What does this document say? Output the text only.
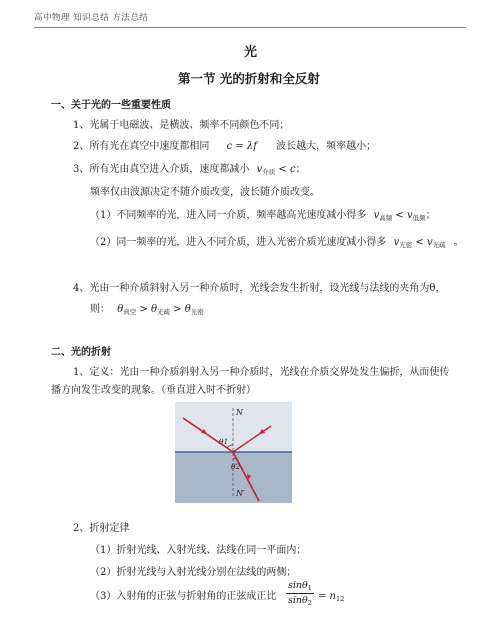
高中物理 知识总结 方法总结
光
第一节 光的折射和全反射
一、关于光的一些重要性质
1、光属于电磁波、是横波、频率不同颜色不同；
2、所有光在真空中速度都相同 c = λf 波长越大，频率越小；
3、所有光由真空进入介质，速度都减小 $v_{介质} < c$；
频率仅由波源决定不随介质改变，波长随介质改变。
（1）不同频率的光，进入同一介质，频率越高光速度减小得多 $v_{高频} < v_{低频}$；
（2）同一频率的光，进入不同介质，进入光密介质光速度减小得多 $v_{光密} < v_{光疏}$ 。
4、光由一种介质斜射入另一种介质时，光线会发生折射，设光线与法线的夹角为θ，
则： $\theta_{真空} > \theta_{光疏} > \theta_{光密}$
二、光的折射
1、定义：光由一种介质斜射入另一种介质时，光线在介质交界处发生偏折，从而使传
播方向发生改变的现象。（垂直进入时不折射）
N
N′
θ1
θ2
2、折射定律
（1）折射光线、入射光线、法线在同一平面内；
（2）折射光线与入射光线分别在法线的两侧；
（3）入射角的正弦与折射角的正弦成正比 $\frac{\sin\theta_1}{\sin\theta_2} = n_{12}$
